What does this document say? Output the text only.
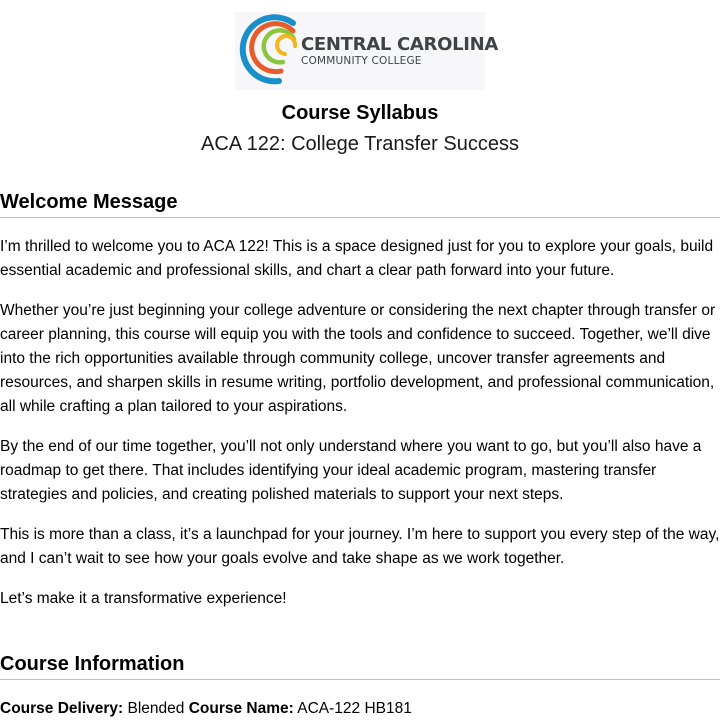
CENTRAL CAROLINA
COMMUNITY COLLEGE
Course Syllabus
ACA 122: College Transfer Success
Welcome Message

I’m thrilled to welcome you to ACA 122! This is a space designed just for you to explore your goals, build essential academic and professional skills, and chart a clear path forward into your future.

Whether you’re just beginning your college adventure or considering the next chapter through transfer or career planning, this course will equip you with the tools and confidence to succeed. Together, we’ll dive into the rich opportunities available through community college, uncover transfer agreements and resources, and sharpen skills in resume writing, portfolio development, and professional communication, all while crafting a plan tailored to your aspirations.

By the end of our time together, you’ll not only understand where you want to go, but you’ll also have a roadmap to get there. That includes identifying your ideal academic program, mastering transfer strategies and policies, and creating polished materials to support your next steps.

This is more than a class, it’s a launchpad for your journey. I’m here to support you every step of the way, and I can’t wait to see how your goals evolve and take shape as we work together.

Let’s make it a transformative experience!

Course Information
Course Delivery: Blended Course Name: ACA-122 HB181
